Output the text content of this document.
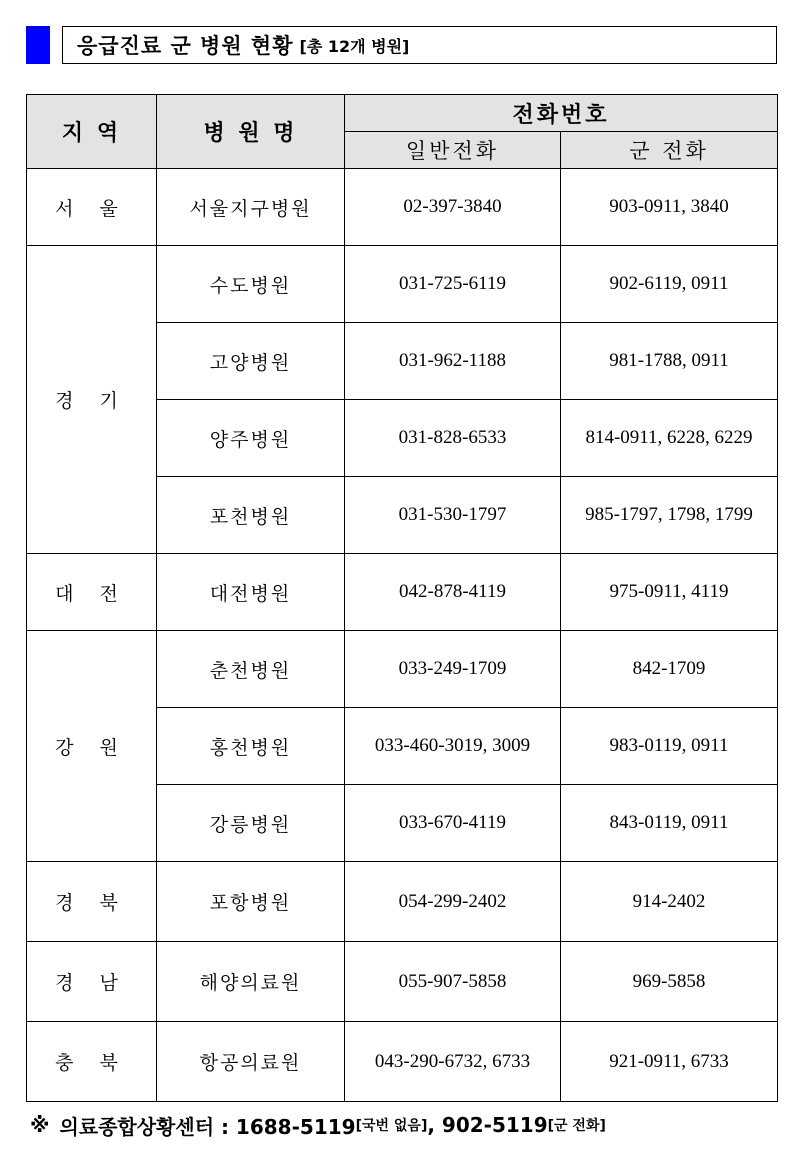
응급진료 군 병원 현황 [총 12개 병원]
지 역	병 원 명	전화번호	
		일반전화	군 전화
서 울	서울지구병원	02-397-3840	903-0911, 3840
경 기	수도병원	031-725-6119	902-6119, 0911
	고양병원	031-962-1188	981-1788, 0911
	양주병원	031-828-6533	814-0911, 6228, 6229
	포천병원	031-530-1797	985-1797, 1798, 1799
대 전	대전병원	042-878-4119	975-0911, 4119
강 원	춘천병원	033-249-1709	842-1709
	홍천병원	033-460-3019, 3009	983-0119, 0911
	강릉병원	033-670-4119	843-0119, 0911
경 북	포항병원	054-299-2402	914-2402
경 남	해양의료원	055-907-5858	969-5858
충 북	항공의료원	043-290-6732, 6733	921-0911, 6733
※ 의료종합상황센터 : 1688-5119 [국번 없음] , 902-5119 [군 전화]
